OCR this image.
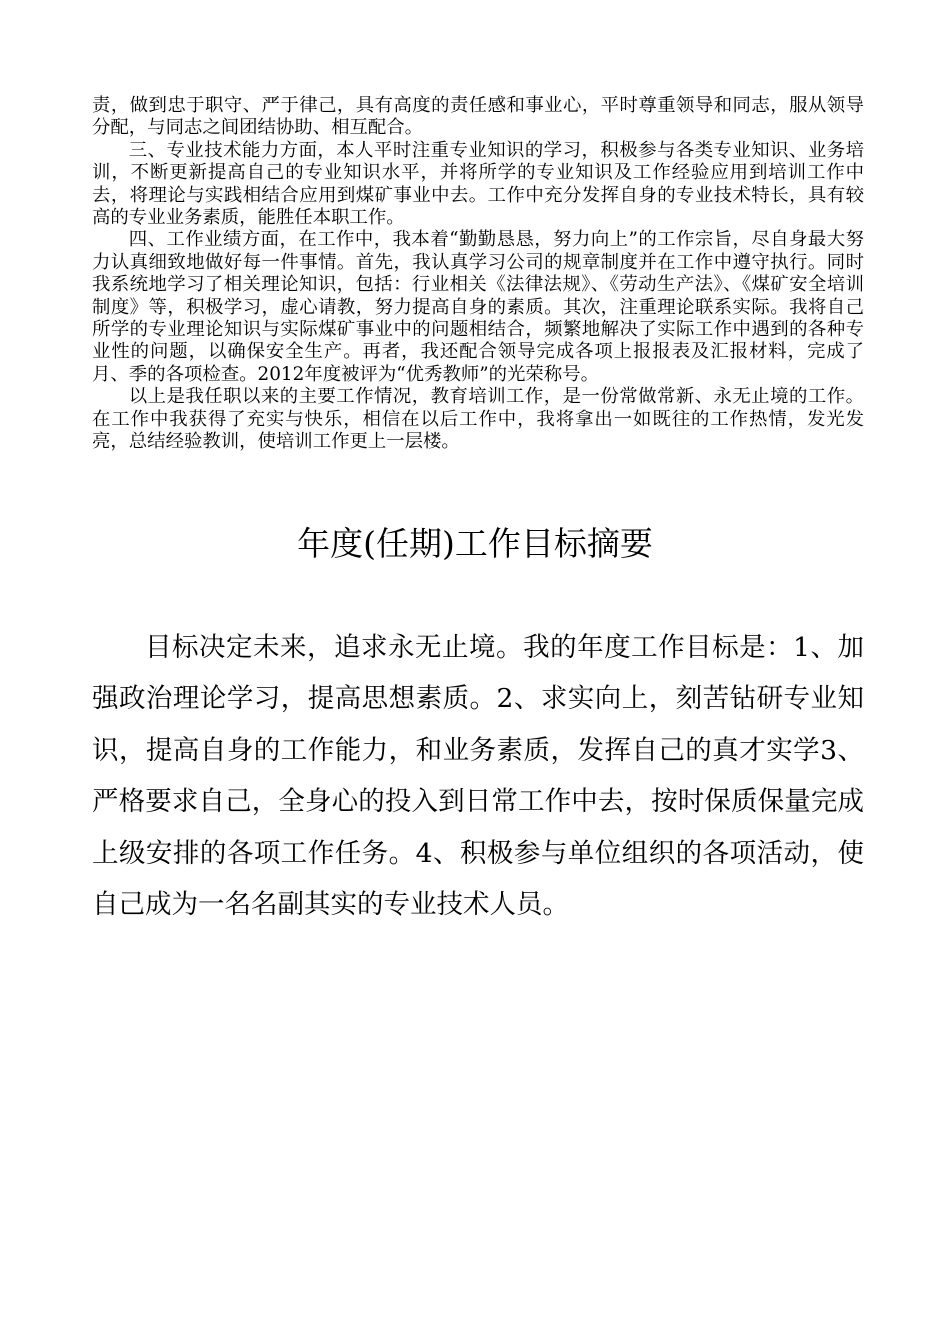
责，做到忠于职守、严于律己，具有高度的责任感和事业心，平时尊重领导和同志，服从领导分配，与同志之间团结协助、相互配合。

三、专业技术能力方面，本人平时注重专业知识的学习，积极参与各类专业知识、业务培训，不断更新提高自己的专业知识水平，并将所学的专业知识及工作经验应用到培训工作中去，将理论与实践相结合应用到煤矿事业中去。工作中充分发挥自身的专业技术特长，具有较高的专业业务素质，能胜任本职工作。

四、工作业绩方面，在工作中，我本着“勤勤恳恳，努力向上”的工作宗旨，尽自身最大努力认真细致地做好每一件事情。首先，我认真学习公司的规章制度并在工作中遵守执行。同时我系统地学习了相关理论知识，包括：行业相关《法律法规》、《劳动生产法》、《煤矿安全培训制度》等，积极学习，虚心请教，努力提高自身的素质。其次，注重理论联系实际。我将自己所学的专业理论知识与实际煤矿事业中的问题相结合，频繁地解决了实际工作中遇到的各种专业性的问题，以确保安全生产。再者，我还配合领导完成各项上报报表及汇报材料，完成了月、季的各项检查。2012年度被评为“优秀教师”的光荣称号。

以上是我任职以来的主要工作情况，教育培训工作，是一份常做常新、永无止境的工作。在工作中我获得了充实与快乐，相信在以后工作中，我将拿出一如既往的工作热情，发光发亮，总结经验教训，使培训工作更上一层楼。

年度(任期)工作目标摘要

目标决定未来，追求永无止境。我的年度工作目标是：1、加强政治理论学习，提高思想素质。2、求实向上，刻苦钻研专业知识，提高自身的工作能力，和业务素质，发挥自己的真才实学3、严格要求自己，全身心的投入到日常工作中去，按时保质保量完成上级安排的各项工作任务。4、积极参与单位组织的各项活动，使自己成为一名名副其实的专业技术人员。
